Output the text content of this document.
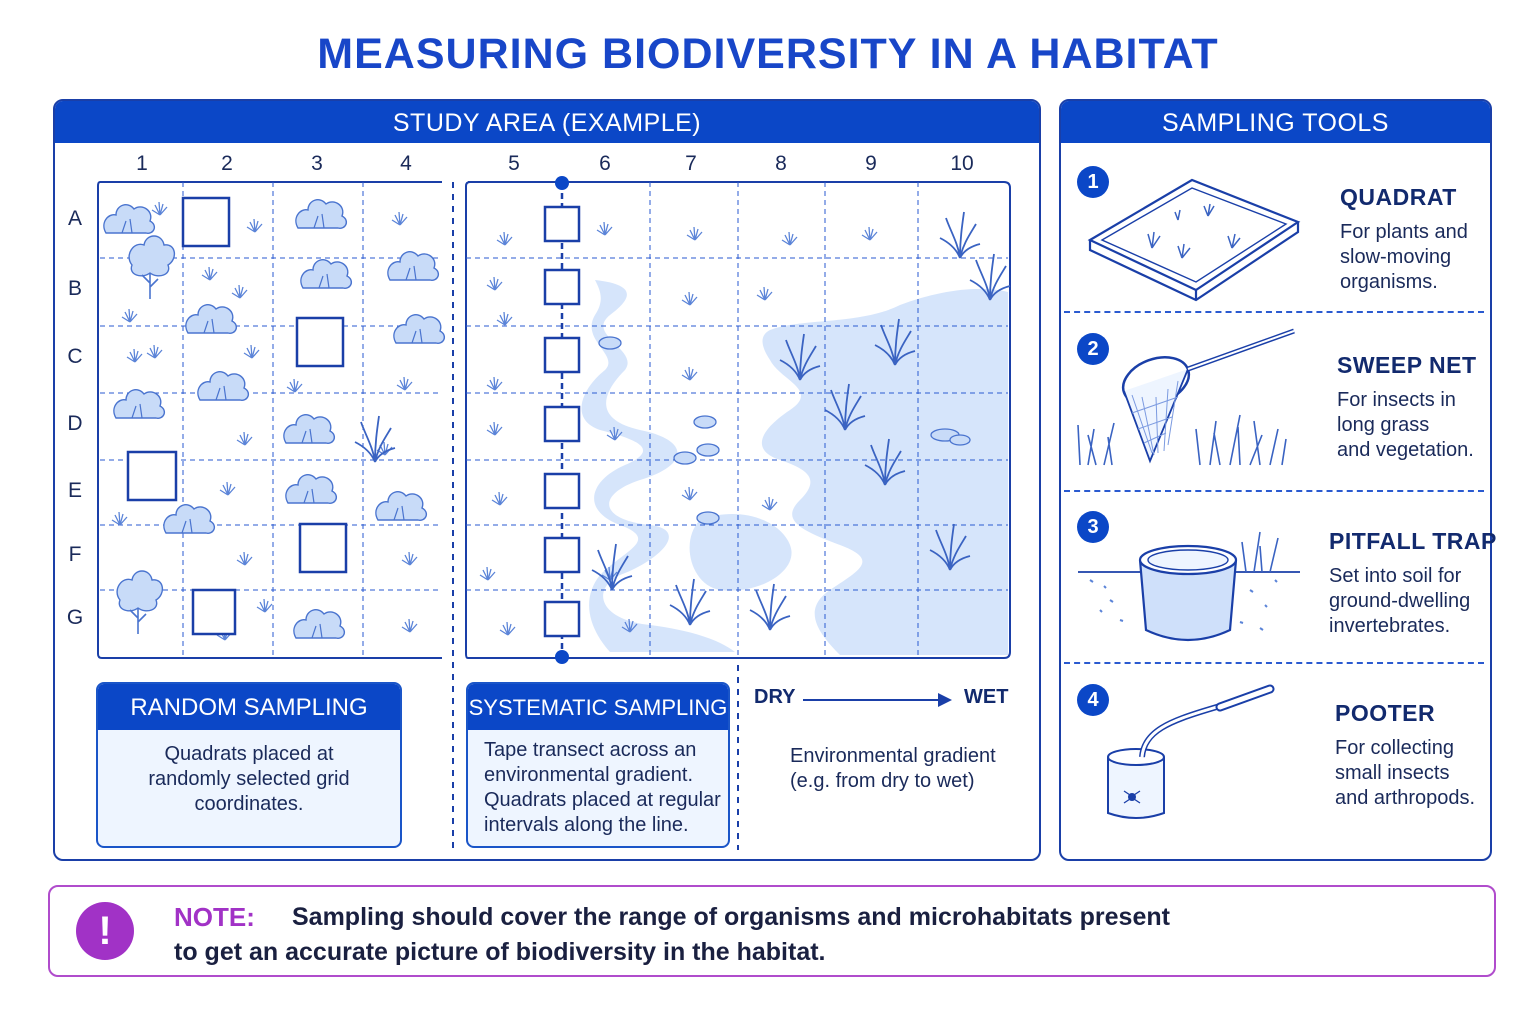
MEASURING BIODIVERSITY IN A HABITAT
STUDY AREA (EXAMPLE)
1	2	3	4	5	6	7	8	9	10
A
B
C
D
E
F
G
RANDOM SAMPLING
Quadrats placed at
randomly selected grid
coordinates.
SYSTEMATIC SAMPLING
Tape transect across an
environmental gradient.
Quadrats placed at regular
intervals along the line.
DRY	WET
Environmental gradient
(e.g. from dry to wet)
SAMPLING TOOLS
1
QUADRAT
For plants and
slow-moving
organisms.
2
SWEEP NET
For insects in
long grass
and vegetation.
3
PITFALL TRAP
Set into soil for
ground-dwelling
invertebrates.
4	POOTER
For collecting
small insects
and arthropods.
!	NOTE: Sampling should cover the range of organisms and microhabitats present
to get an accurate picture of biodiversity in the habitat.
